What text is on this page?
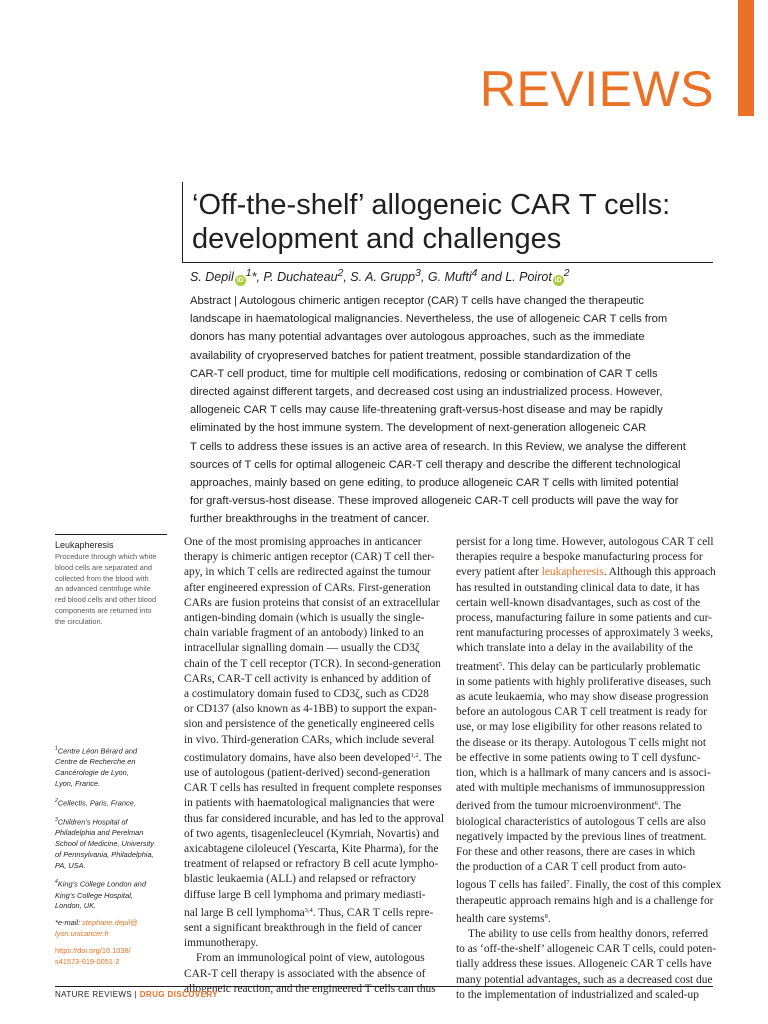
REVIEWS
‘Off-the-shelf’ allogeneic CAR T cells:
development and challenges
S. Depil $iD^1*$, P. Duchateau$^2$, S. A. Grupp$^3$, G. Mufti$^4$ and L. Poirot $iD^2$
Abstract | Autologous chimeric antigen receptor (CAR) T cells have changed the therapeutic
landscape in haematological malignancies. Nevertheless, the use of allogeneic CAR T cells from
donors has many potential advantages over autologous approaches, such as the immediate
availability of cryopreserved batches for patient treatment, possible standardization of the
CAR-T cell product, time for multiple cell modifications, redosing or combination of CAR T cells
directed against different targets, and decreased cost using an industrialized process. However,
allogeneic CAR T cells may cause life-threatening graft-versus-host disease and may be rapidly
eliminated by the host immune system. The development of next-generation allogeneic CAR
T cells to address these issues is an active area of research. In this Review, we analyse the different
sources of T cells for optimal allogeneic CAR-T cell therapy and describe the different technological
approaches, mainly based on gene editing, to produce allogeneic CAR T cells with limited potential
for graft-versus-host disease. These improved allogeneic CAR-T cell products will pave the way for
further breakthroughs in the treatment of cancer.
Leukapheresis
Procedure through which white
blood cells are separated and
collected from the blood with
an advanced centrifuge while
red blood cells and other blood
components are returned into
the circulation.
$^1$Centre Léon Bérard and
Centre de Recherche en
Cancérologie de Lyon,
Lyon, France.
$^2$Cellectis, Paris, France.
$^3$Children’s Hospital of
Philadelphia and Perelman
School of Medicine, University
of Pennsylvania, Philadelphia,
PA, USA.
$^4$King’s College London and
King’s College Hospital,
London, UK.
*e-mail: stephane.depil@
lyon.unicancer.fr
https://doi.org/10.1038/
s41573-019-0051-2
One of the most promising approaches in anticancer
therapy is chimeric antigen receptor (CAR) T cell ther-
apy, in which T cells are redirected against the tumour
after engineered expression of CARs. First-generation
CARs are fusion proteins that consist of an extracellular
antigen-binding domain (which is usually the single-
chain variable fragment of an antobody) linked to an
intracellular signalling domain — usually the CD3ζ
chain of the T cell receptor (TCR). In second-generation
CARs, CAR-T cell activity is enhanced by addition of
a costimulatory domain fused to CD3ζ, such as CD28
or CD137 (also known as 4-1BB) to support the expan-
sion and persistence of the genetically engineered cells
in vivo. Third-generation CARs, which include several
costimulatory domains, have also been developed$^{1,2}$. The
use of autologous (patient-derived) second-generation
CAR T cells has resulted in frequent complete responses
in patients with haematological malignancies that were
thus far considered incurable, and has led to the approval
of two agents, tisagenlecleucel (Kymriah, Novartis) and
axicabtagene ciloleucel (Yescarta, Kite Pharma), for the
treatment of relapsed or refractory B cell acute lympho-
blastic leukaemia (ALL) and relapsed or refractory
diffuse large B cell lymphoma and primary mediasti-
nal large B cell lymphoma$^{3,4}$. Thus, CAR T cells repre-
sent a significant breakthrough in the field of cancer
immunotherapy.
From an immunological point of view, autologous
CAR-T cell therapy is associated with the absence of
allogeneic reaction, and the engineered T cells can thus
persist for a long time. However, autologous CAR T cell
therapies require a bespoke manufacturing process for
every patient after leukapheresis. Although this approach
has resulted in outstanding clinical data to date, it has
certain well-known disadvantages, such as cost of the
process, manufacturing failure in some patients and cur-
rent manufacturing processes of approximately 3 weeks,
which translate into a delay in the availability of the
treatment$^5$. This delay can be particularly problematic
in some patients with highly proliferative diseases, such
as acute leukaemia, who may show disease progression
before an autologous CAR T cell treatment is ready for
use, or may lose eligibility for other reasons related to
the disease or its therapy. Autologous T cells might not
be effective in some patients owing to T cell dysfunc-
tion, which is a hallmark of many cancers and is associ-
ated with multiple mechanisms of immunosuppression
derived from the tumour microenvironment$^6$. The
biological characteristics of autologous T cells are also
negatively impacted by the previous lines of treatment.
For these and other reasons, there are cases in which
the production of a CAR T cell product from auto-
logous T cells has failed$^7$. Finally, the cost of this complex
therapeutic approach remains high and is a challenge for
health care systems$^8$.
The ability to use cells from healthy donors, referred
to as ‘off-the-shelf’ allogeneic CAR T cells, could poten-
tially address these issues. Allogeneic CAR T cells have
many potential advantages, such as a decreased cost due
to the implementation of industrialized and scaled-up
NATURE REVIEWS | DRUG DISCOVERY
